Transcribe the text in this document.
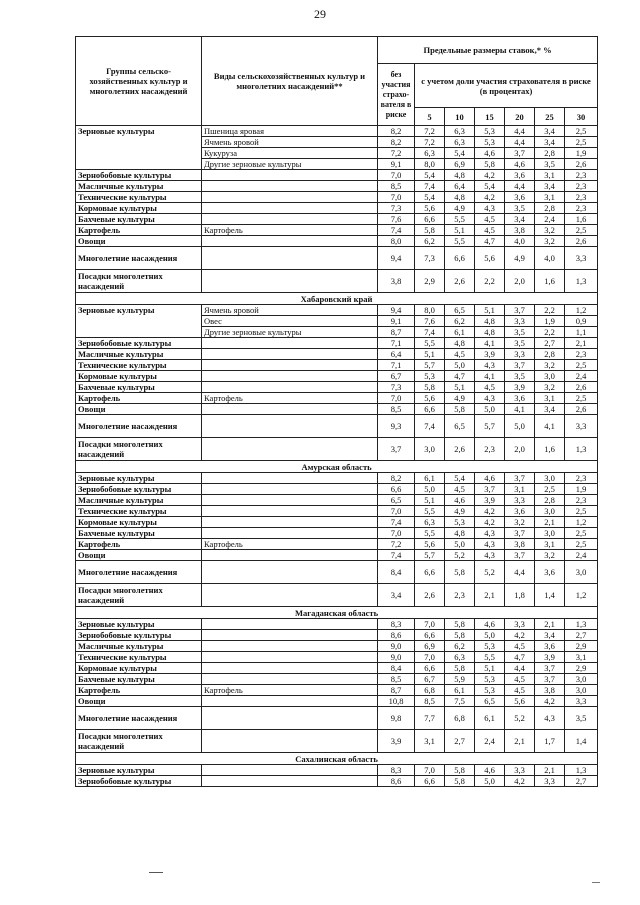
29
Группы сельско-хозяйственных культур и многолетних насаждений	Виды сельскохозяйственных культур и многолетних насаждений**	Предельные размеры ставок,* %						
		без участия страхо-вателя в риске	с учетом доли участия страхователя в риске (в процентах)					
			5	10	15	20	25	30
Зерновые культуры	Пшеница яровая	8,2	7,2	6,3	5,3	4,4	3,4	2,5
	Ячмень яровой	8,2	7,2	6,3	5,3	4,4	3,4	2,5
	Кукуруза	7,2	6,3	5,4	4,6	3,7	2,8	1,9
	Другие зерновые культуры	9,1	8,0	6,9	5,8	4,6	3,5	2,6
Зернобобовые культуры		7,0	5,4	4,8	4,2	3,6	3,1	2,3
Масличные культуры		8,5	7,4	6,4	5,4	4,4	3,4	2,3
Технические культуры		7,0	5,4	4,8	4,2	3,6	3,1	2,3
Кормовые культуры		7,3	5,6	4,9	4,3	3,5	2,8	2,3
Бахчевые культуры		7,6	6,6	5,5	4,5	3,4	2,4	1,6
Картофель	Картофель	7,4	5,8	5,1	4,5	3,8	3,2	2,5
Овощи		8,0	6,2	5,5	4,7	4,0	3,2	2,6
Многолетние насаждения		9,4	7,3	6,6	5,6	4,9	4,0	3,3
Посадки многолетних насаждений		3,8	2,9	2,6	2,2	2,0	1,6	1,3
Хабаровский край								
Зерновые культуры	Ячмень яровой	9,4	8,0	6,5	5,1	3,7	2,2	1,2
	Овес	9,1	7,6	6,2	4,8	3,3	1,9	0,9
	Другие зерновые культуры	8,7	7,4	6,1	4,8	3,5	2,2	1,1
Зернобобовые культуры		7,1	5,5	4,8	4,1	3,5	2,7	2,1
Масличные культуры		6,4	5,1	4,5	3,9	3,3	2,8	2,3
Технические культуры		7,1	5,7	5,0	4,3	3,7	3,2	2,5
Кормовые культуры		6,7	5,3	4,7	4,1	3,5	3,0	2,4
Бахчевые культуры		7,3	5,8	5,1	4,5	3,9	3,2	2,6
Картофель	Картофель	7,0	5,6	4,9	4,3	3,6	3,1	2,5
Овощи		8,5	6,6	5,8	5,0	4,1	3,4	2,6
Многолетние насаждения		9,3	7,4	6,5	5,7	5,0	4,1	3,3
Посадки многолетних насаждений		3,7	3,0	2,6	2,3	2,0	1,6	1,3
Амурская область								
Зерновые культуры		8,2	6,1	5,4	4,6	3,7	3,0	2,3
Зернобобовые культуры		6,6	5,0	4,5	3,7	3,1	2,5	1,9
Масличные культуры		6,5	5,1	4,6	3,9	3,3	2,8	2,3
Технические культуры		7,0	5,5	4,9	4,2	3,6	3,0	2,5
Кормовые культуры		7,4	6,3	5,3	4,2	3,2	2,1	1,2
Бахчевые культуры		7,0	5,5	4,8	4,3	3,7	3,0	2,5
Картофель	Картофель	7,2	5,6	5,0	4,3	3,8	3,1	2,5
Овощи		7,4	5,7	5,2	4,3	3,7	3,2	2,4
Многолетние насаждения		8,4	6,6	5,8	5,2	4,4	3,6	3,0
Посадки многолетних насаждений		3,4	2,6	2,3	2,1	1,8	1,4	1,2
Магаданская область								
Зерновые культуры		8,3	7,0	5,8	4,6	3,3	2,1	1,3
Зернобобовые культуры		8,6	6,6	5,8	5,0	4,2	3,4	2,7
Масличные культуры		9,0	6,9	6,2	5,3	4,5	3,6	2,9
Технические культуры		9,0	7,0	6,3	5,5	4,7	3,9	3,1
Кормовые культуры		8,4	6,6	5,8	5,1	4,4	3,7	2,9
Бахчевые культуры		8,5	6,7	5,9	5,3	4,5	3,7	3,0
Картофель	Картофель	8,7	6,8	6,1	5,3	4,5	3,8	3,0
Овощи		10,8	8,5	7,5	6,5	5,6	4,2	3,3
Многолетние насаждения		9,8	7,7	6,8	6,1	5,2	4,3	3,5
Посадки многолетних насаждений		3,9	3,1	2,7	2,4	2,1	1,7	1,4
Сахалинская область								
Зерновые культуры		8,3	7,0	5,8	4,6	3,3	2,1	1,3
Зернобобовые культуры		8,6	6,6	5,8	5,0	4,2	3,3	2,7
